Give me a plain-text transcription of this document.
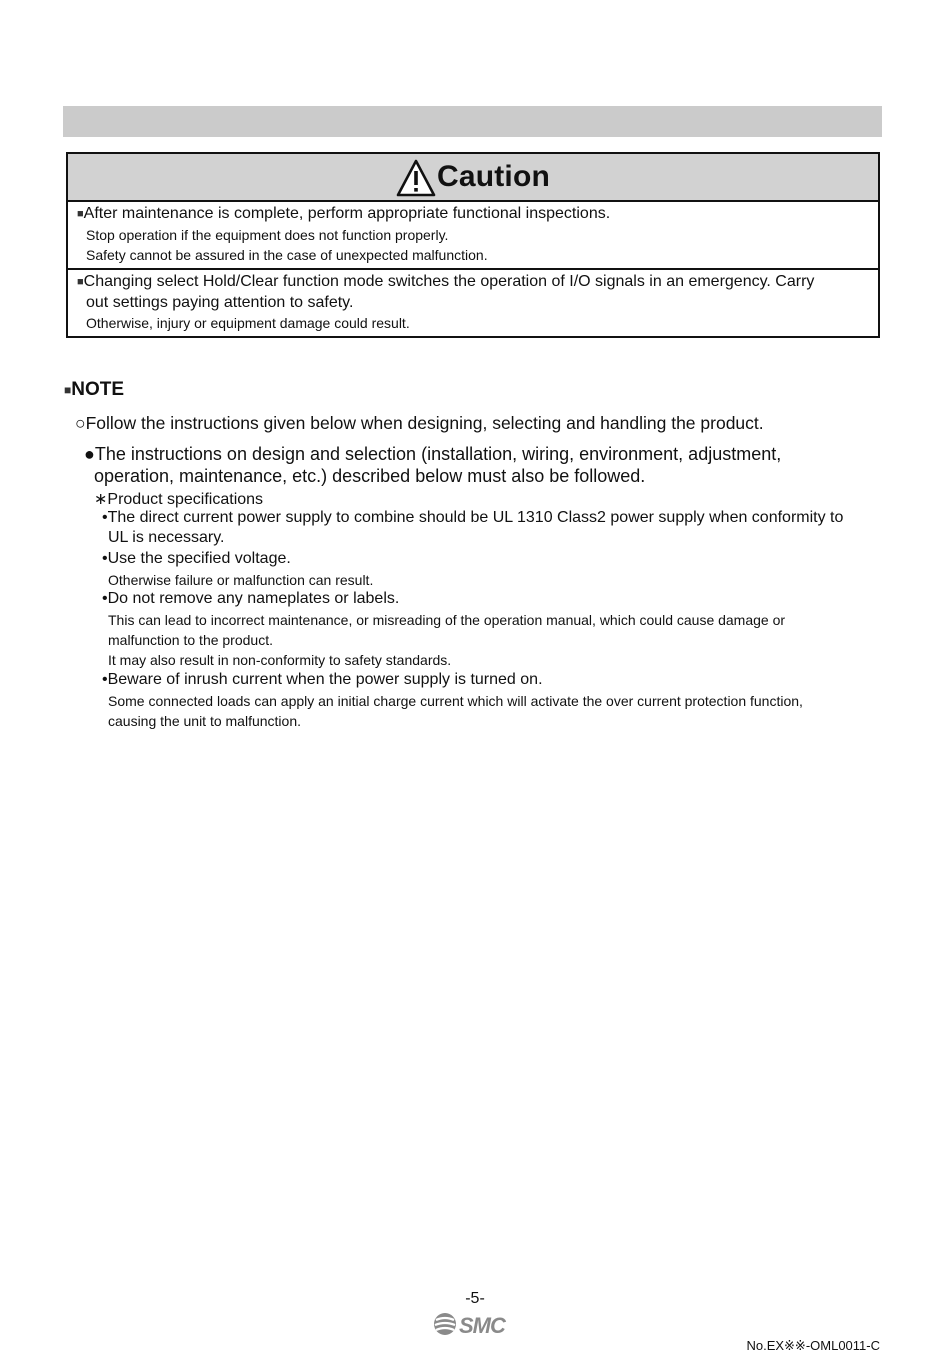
Caution
■After maintenance is complete, perform appropriate functional inspections.
Stop operation if the equipment does not function properly.
Safety cannot be assured in the case of unexpected malfunction.
■Changing select Hold/Clear function mode switches the operation of I/O signals in an emergency. Carry
out settings paying attention to safety.
Otherwise, injury or equipment damage could result.
■NOTE
○Follow the instructions given below when designing, selecting and handling the product.
●The instructions on design and selection (installation, wiring, environment, adjustment,
operation, maintenance, etc.) described below must also be followed.
∗Product specifications
•The direct current power supply to combine should be UL 1310 Class2 power supply when conformity to
UL is necessary.
•Use the specified voltage.
Otherwise failure or malfunction can result.
•Do not remove any nameplates or labels.
This can lead to incorrect maintenance, or misreading of the operation manual, which could cause damage or
malfunction to the product.
It may also result in non-conformity to safety standards.
•Beware of inrush current when the power supply is turned on.
Some connected loads can apply an initial charge current which will activate the over current protection function,
causing the unit to malfunction.
-5-
SMC
No.EX※※-OML0011-C
